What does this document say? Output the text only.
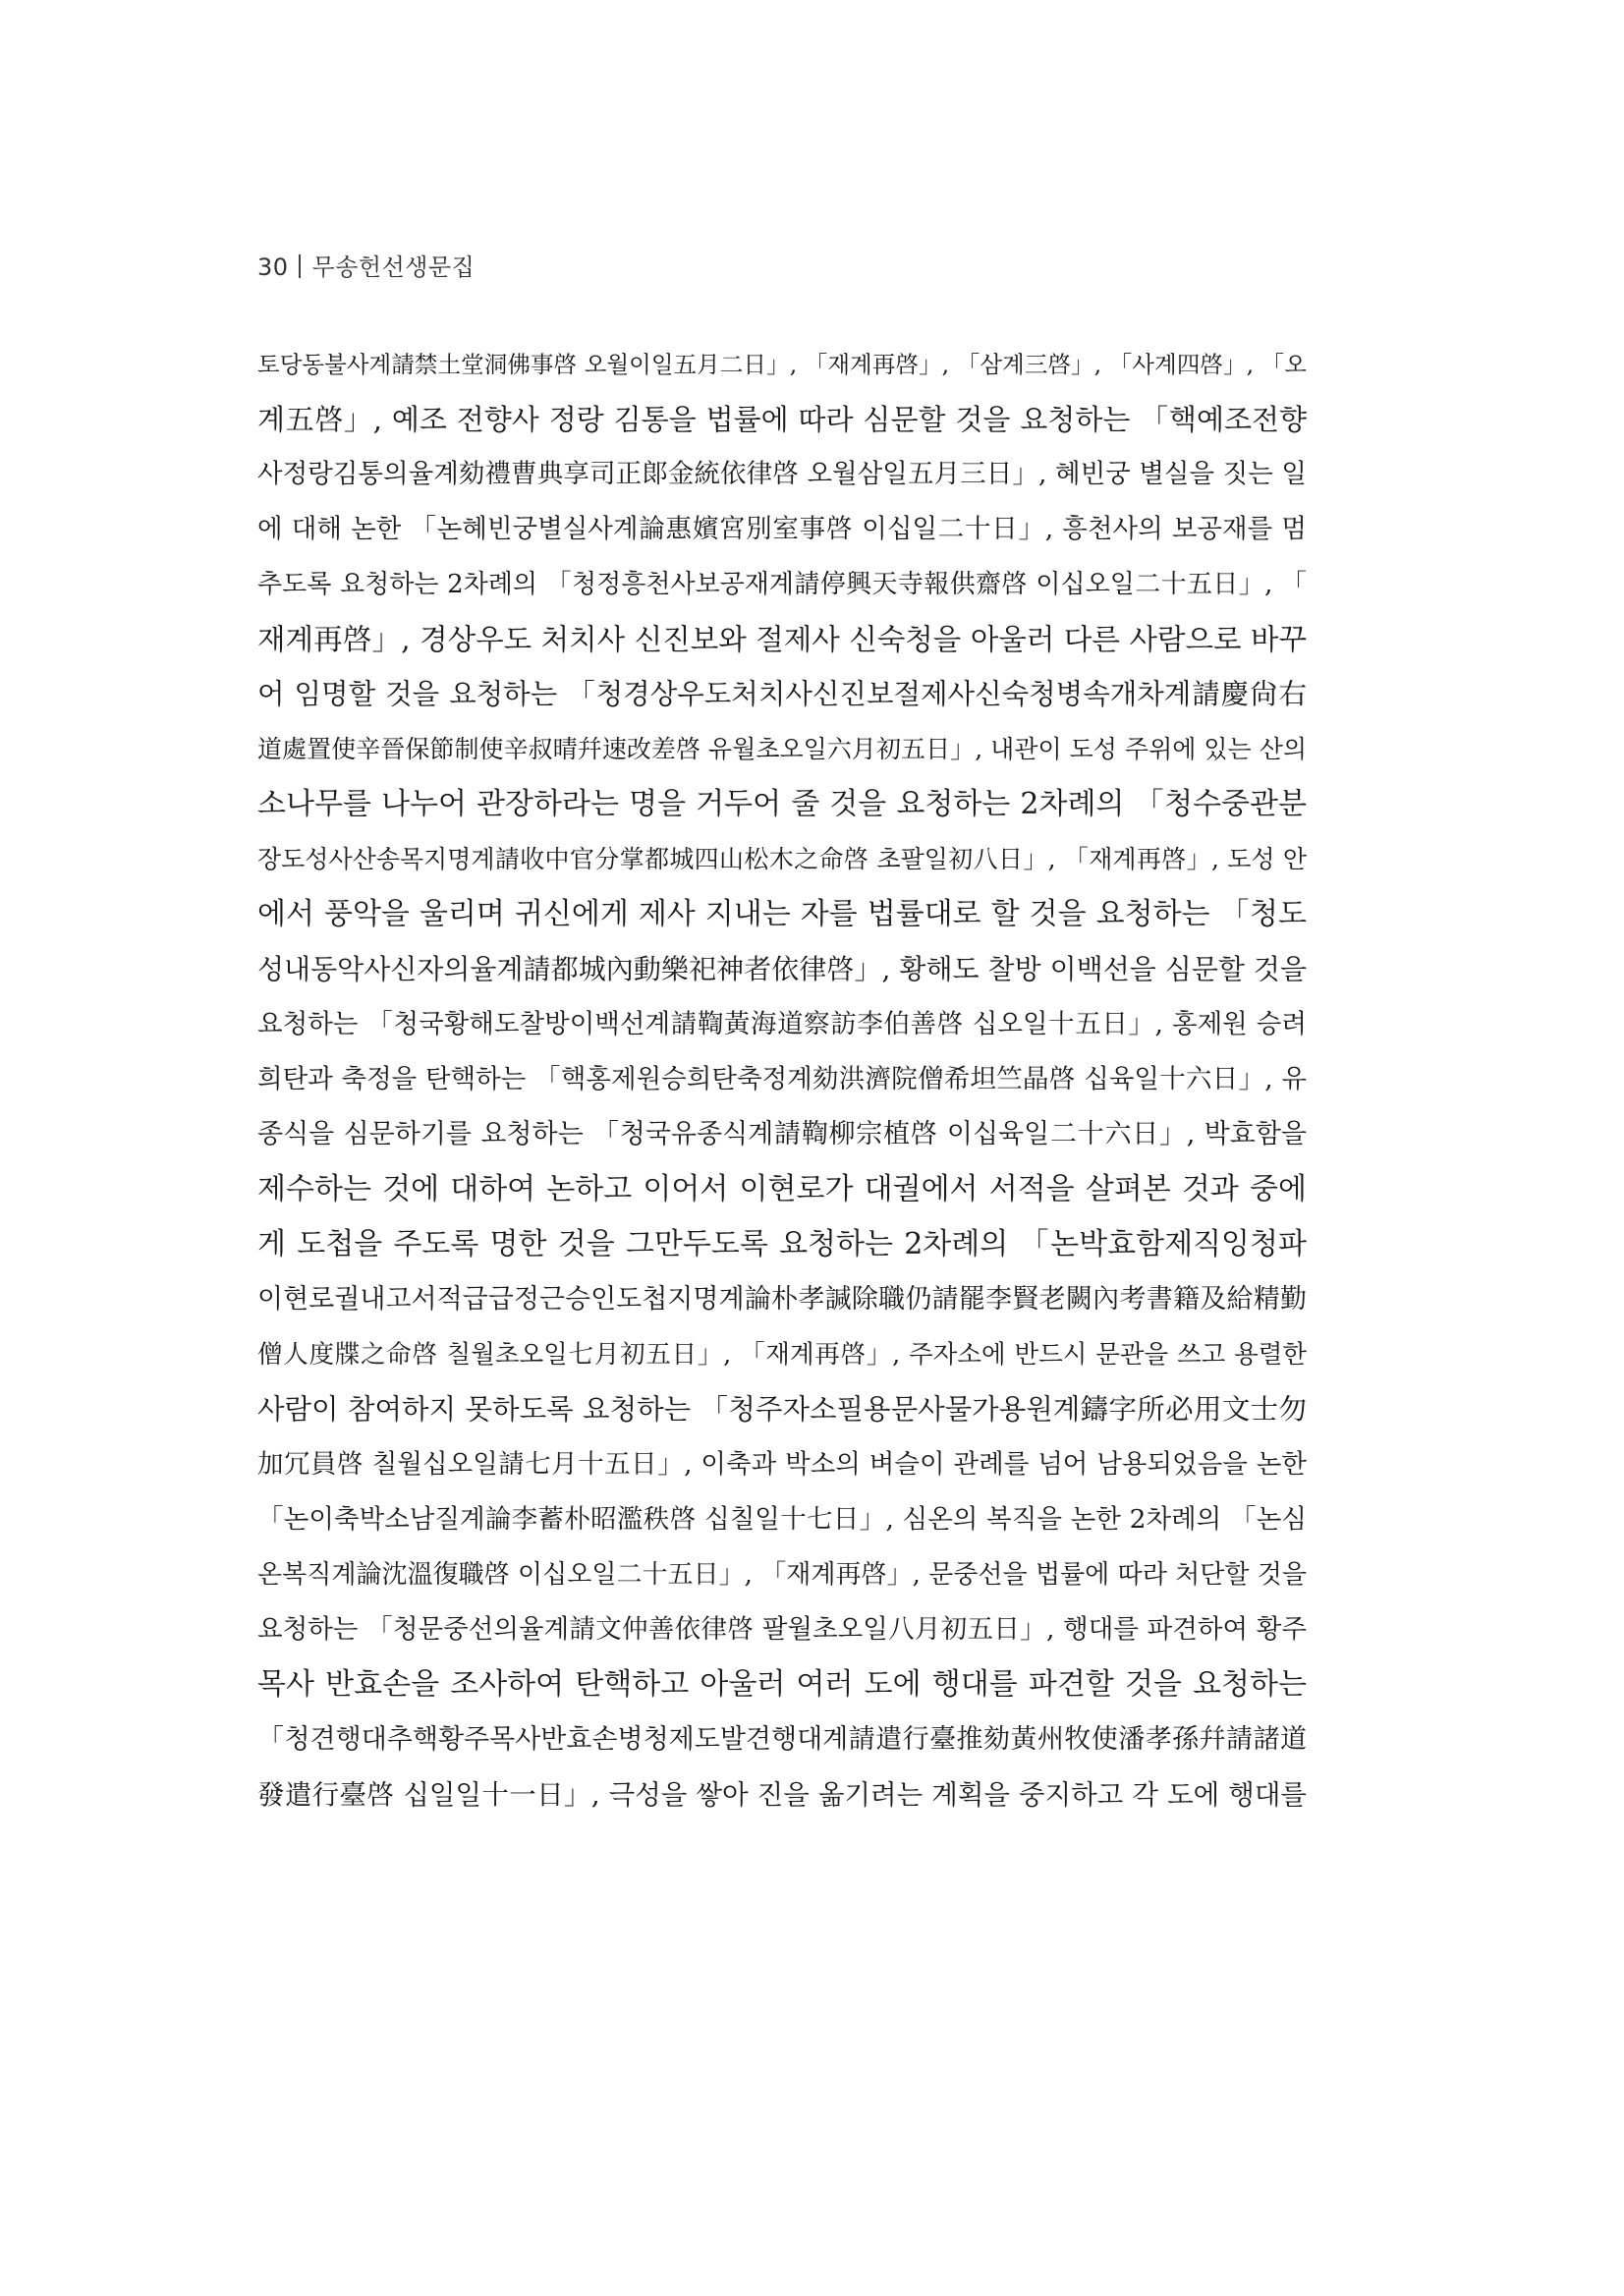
30 무송헌선생문집
토당동불사계請禁土堂洞佛事啓 오월이일五月二日」, 「재계再啓」, 「삼계三啓」, 「사계四啓」, 「오
계五啓」, 예조 전향사 정랑 김통을 법률에 따라 심문할 것을 요청하는 「핵예조전향
사정랑김통의율계劾禮曹典享司正郞金統依律啓 오월삼일五月三日」, 혜빈궁 별실을 짓는 일
에 대해 논한 「논혜빈궁별실사계論惠嬪宮別室事啓 이십일二十日」, 흥천사의 보공재를 멈
추도록 요청하는 2차례의 「청정흥천사보공재계請停興天寺報供齋啓 이십오일二十五日」, 「
재계再啓」, 경상우도 처치사 신진보와 절제사 신숙청을 아울러 다른 사람으로 바꾸
어 임명할 것을 요청하는 「청경상우도처치사신진보절제사신숙청병속개차계請慶尙右
道處置使辛晉保節制使辛叔晴幷速改差啓 유월초오일六月初五日」, 내관이 도성 주위에 있는 산의
소나무를 나누어 관장하라는 명을 거두어 줄 것을 요청하는 2차례의 「청수중관분
장도성사산송목지명계請收中官分掌都城四山松木之命啓 초팔일初八日」, 「재계再啓」, 도성 안
에서 풍악을 울리며 귀신에게 제사 지내는 자를 법률대로 할 것을 요청하는 「청도
성내동악사신자의율계請都城內動樂祀神者依律啓」, 황해도 찰방 이백선을 심문할 것을
요청하는 「청국황해도찰방이백선계請鞫黃海道察訪李伯善啓 십오일十五日」, 홍제원 승려
희탄과 축정을 탄핵하는 「핵홍제원승희탄축정계劾洪濟院僧希坦竺晶啓 십육일十六日」, 유
종식을 심문하기를 요청하는 「청국유종식계請鞫柳宗植啓 이십육일二十六日」, 박효함을
제수하는 것에 대하여 논하고 이어서 이현로가 대궐에서 서적을 살펴본 것과 중에
게 도첩을 주도록 명한 것을 그만두도록 요청하는 2차례의 「논박효함제직잉청파
이현로궐내고서적급급정근승인도첩지명계論朴孝諴除職仍請罷李賢老闕內考書籍及給精勤
僧人度牒之命啓 칠월초오일七月初五日」, 「재계再啓」, 주자소에 반드시 문관을 쓰고 용렬한
사람이 참여하지 못하도록 요청하는 「청주자소필용문사물가용원계鑄字所必用文士勿
加冗員啓 칠월십오일請七月十五日」, 이축과 박소의 벼슬이 관례를 넘어 남용되었음을 논한
「논이축박소남질계論李蓄朴昭濫秩啓 십칠일十七日」, 심온의 복직을 논한 2차례의 「논심
온복직계論沈溫復職啓 이십오일二十五日」, 「재계再啓」, 문중선을 법률에 따라 처단할 것을
요청하는 「청문중선의율계請文仲善依律啓 팔월초오일八月初五日」, 행대를 파견하여 황주
목사 반효손을 조사하여 탄핵하고 아울러 여러 도에 행대를 파견할 것을 요청하는
「청견행대추핵황주목사반효손병청제도발견행대계請遣行臺推劾黃州牧使潘孝孫幷請諸道
發遣行臺啓 십일일十一日」, 극성을 쌓아 진을 옮기려는 계획을 중지하고 각 도에 행대를
